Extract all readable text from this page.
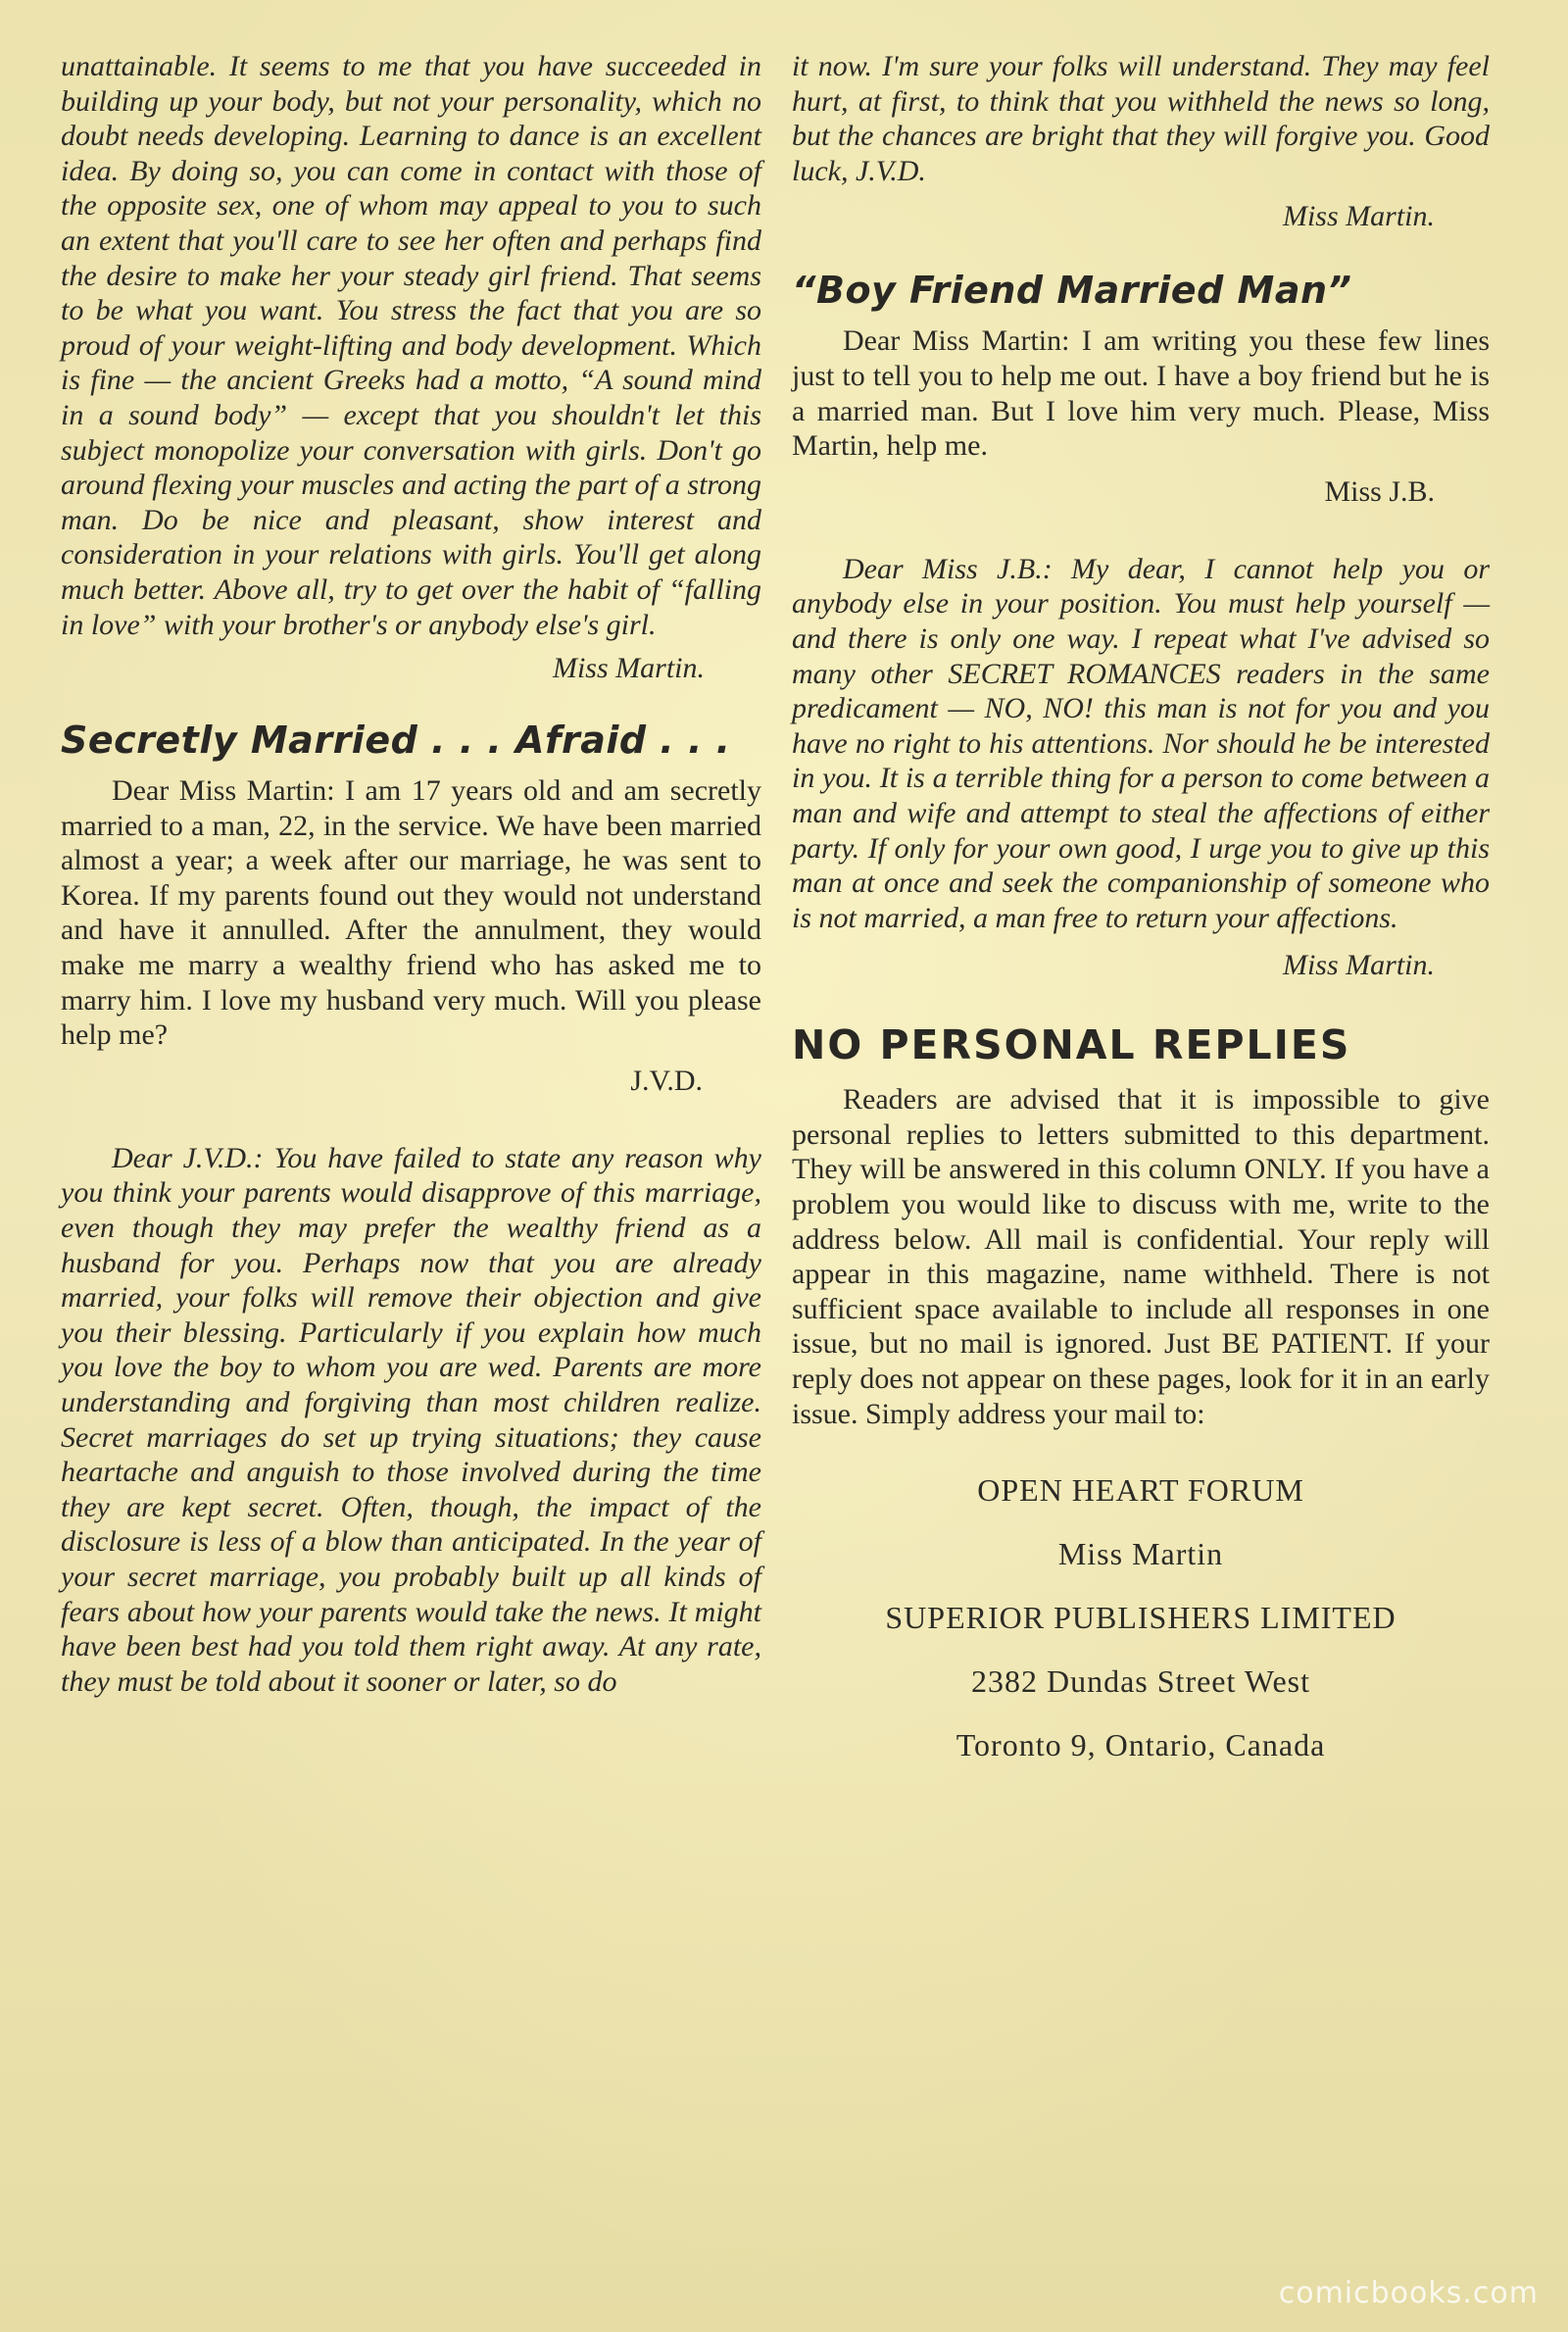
unattainable. It seems to me that you have succeeded in building up your body, but not your personality, which no doubt needs developing. Learning to dance is an excellent idea. By doing so, you can come in contact with those of the opposite sex, one of whom may appeal to you to such an extent that you'll care to see her often and perhaps find the desire to make her your steady girl friend. That seems to be what you want. You stress the fact that you are so proud of your weight-lifting and body development. Which is fine — the ancient Greeks had a motto, “A sound mind in a sound body” — except that you shouldn't let this subject monopolize your conversation with girls. Don't go around flexing your muscles and acting the part of a strong man. Do be nice and pleasant, show interest and consideration in your relations with girls. You'll get along much better. Above all, try to get over the habit of “falling in love” with your brother's or anybody else's girl.

Miss Martin.

Secretly Married . . . Afraid . . .

Dear Miss Martin: I am 17 years old and am secretly married to a man, 22, in the service. We have been married almost a year; a week after our marriage, he was sent to Korea. If my parents found out they would not understand and have it annulled. After the annulment, they would make me marry a wealthy friend who has asked me to marry him. I love my husband very much. Will you please help me?

J.V.D.

Dear J.V.D.: You have failed to state any reason why you think your parents would disapprove of this marriage, even though they may prefer the wealthy friend as a husband for you. Perhaps now that you are already married, your folks will remove their objection and give you their blessing. Particularly if you explain how much you love the boy to whom you are wed. Parents are more understanding and forgiving than most children realize. Secret marriages do set up trying situations; they cause heartache and anguish to those involved during the time they are kept secret. Often, though, the impact of the disclosure is less of a blow than anticipated. In the year of your secret marriage, you probably built up all kinds of fears about how your parents would take the news. It might have been best had you told them right away. At any rate, they must be told about it sooner or later, so do

it now. I'm sure your folks will understand. They may feel hurt, at first, to think that you withheld the news so long, but the chances are bright that they will forgive you. Good luck, J.V.D.

Miss Martin.

“Boy Friend Married Man”

Dear Miss Martin: I am writing you these few lines just to tell you to help me out. I have a boy friend but he is a married man. But I love him very much. Please, Miss Martin, help me.

Miss J.B.

Dear Miss J.B.: My dear, I cannot help you or anybody else in your position. You must help yourself — and there is only one way. I repeat what I've advised so many other SECRET ROMANCES readers in the same predicament — NO, NO! this man is not for you and you have no right to his attentions. Nor should he be interested in you. It is a terrible thing for a person to come between a man and wife and attempt to steal the affections of either party. If only for your own good, I urge you to give up this man at once and seek the companionship of someone who is not married, a man free to return your affections.

Miss Martin.

NO PERSONAL REPLIES

Readers are advised that it is impossible to give personal replies to letters submitted to this department. They will be answered in this column ONLY. If you have a problem you would like to discuss with me, write to the address below. All mail is confidential. Your reply will appear in this magazine, name withheld. There is not sufficient space available to include all responses in one issue, but no mail is ignored. Just BE PATIENT. If your reply does not appear on these pages, look for it in an early issue. Simply address your mail to:

OPEN HEART FORUM

Miss Martin

SUPERIOR PUBLISHERS LIMITED

2382 Dundas Street West

Toronto 9, Ontario, Canada

comicbooks.com
